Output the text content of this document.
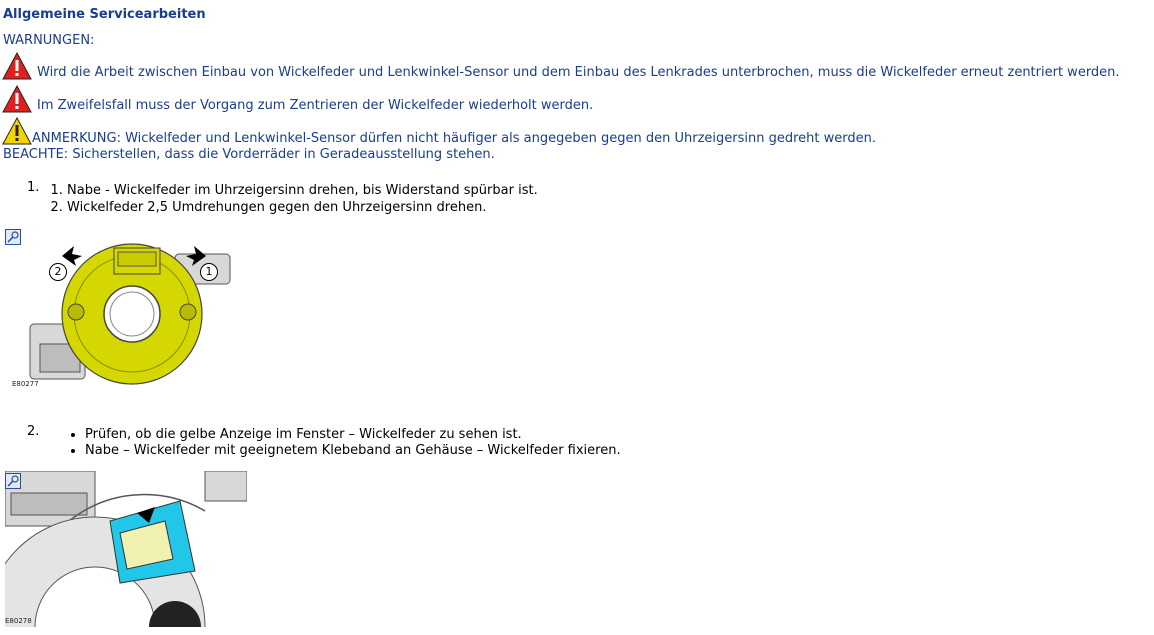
Allgemeine Servicearbeiten
WARNUNGEN:
Wird die Arbeit zwischen Einbau von Wickelfeder und Lenkwinkel-Sensor und dem Einbau des Lenkrades unterbrochen, muss die Wickelfeder erneut zentriert werden.
Im Zweifelsfall muss der Vorgang zum Zentrieren der Wickelfeder wiederholt werden.
ANMERKUNG: Wickelfeder und Lenkwinkel-Sensor dürfen nicht häufiger als angegeben gegen den Uhrzeigersinn gedreht werden.
BEACHTE: Sicherstellen, dass die Vorderräder in Geradeausstellung stehen.
1. 1. Nabe - Wickelfeder im Uhrzeigersinn drehen, bis Widerstand spürbar ist.
2. Wickelfeder 2,5 Umdrehungen gegen den Uhrzeigersinn drehen.
2	1
E80277
2.	• Prüfen, ob die gelbe Anzeige im Fenster – Wickelfeder zu sehen ist.
• Nabe – Wickelfeder mit geeignetem Klebeband an Gehäuse – Wickelfeder fixieren.
E80278
